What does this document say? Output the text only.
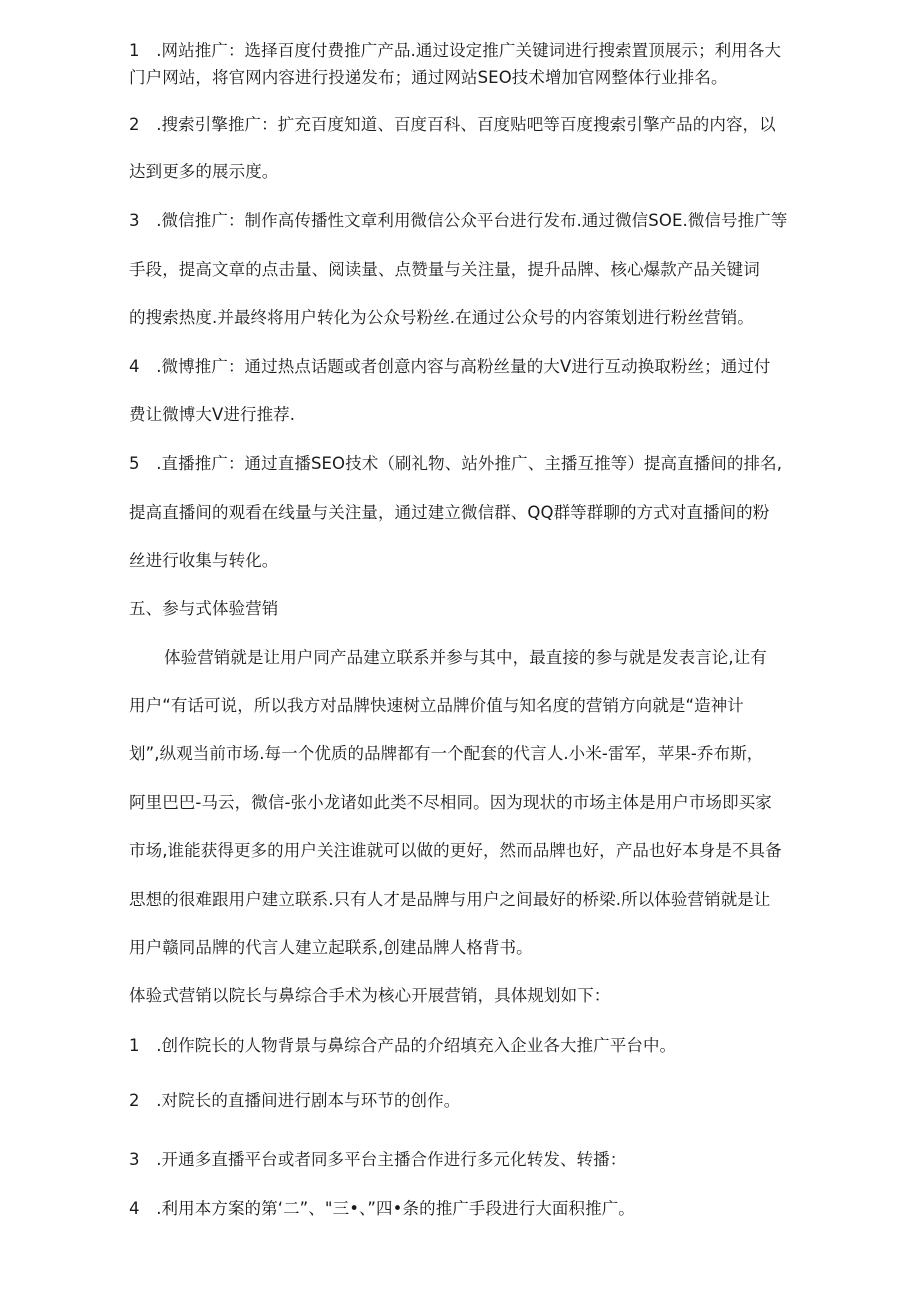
1　.网站推广：选择百度付费推广产品.通过设定推广关键词进行搜索置顶展示；利用各大

门户网站，将官网内容进行投递发布；通过网站SEO技术增加官网整体行业排名。

2　.搜索引擎推广：扩充百度知道、百度百科、百度贴吧等百度搜索引擎产品的内容，以

达到更多的展示度。

3　.微信推广：制作高传播性文章利用微信公众平台进行发布.通过微信SOE.微信号推广等

手段，提高文章的点击量、阅读量、点赞量与关注量，提升品牌、核心爆款产品关键词

的搜索热度.并最终将用户转化为公众号粉丝.在通过公众号的内容策划进行粉丝营销。

4　.微博推广：通过热点话题或者创意内容与高粉丝量的大V进行互动换取粉丝；通过付

费让微博大V进行推荐.

5　.直播推广：通过直播SEO技术（刷礼物、站外推广、主播互推等）提高直播间的排名,

提高直播间的观看在线量与关注量，通过建立微信群、QQ群等群聊的方式对直播间的粉

丝进行收集与转化。

五、参与式体验营销

体验营销就是让用户同产品建立联系并参与其中，最直接的参与就是发表言论,让有

用户“有话可说，所以我方对品牌快速树立品牌价值与知名度的营销方向就是“造神计

划”,纵观当前市场.每一个优质的品牌都有一个配套的代言人.小米-雷军，苹果-乔布斯，

阿里巴巴-马云，微信-张小龙诸如此类不尽相同。因为现状的市场主体是用户市场即买家

市场,谁能获得更多的用户关注谁就可以做的更好，然而品牌也好，产品也好本身是不具备

思想的很难跟用户建立联系.只有人才是品牌与用户之间最好的桥梁.所以体验营销就是让

用户赣同品牌的代言人建立起联系,创建品牌人格背书。

体验式营销以院长与鼻综合手术为核心开展营销，具体规划如下：

1　.创作院长的人物背景与鼻综合产品的介绍填充入企业各大推广平台中。

2　.对院长的直播间进行剧本与环节的创作。

3　.开通多直播平台或者同多平台主播合作进行多元化转发、转播：

4　.利用本方案的第‘二”、"三•、”四•条的推广手段进行大面积推广。
